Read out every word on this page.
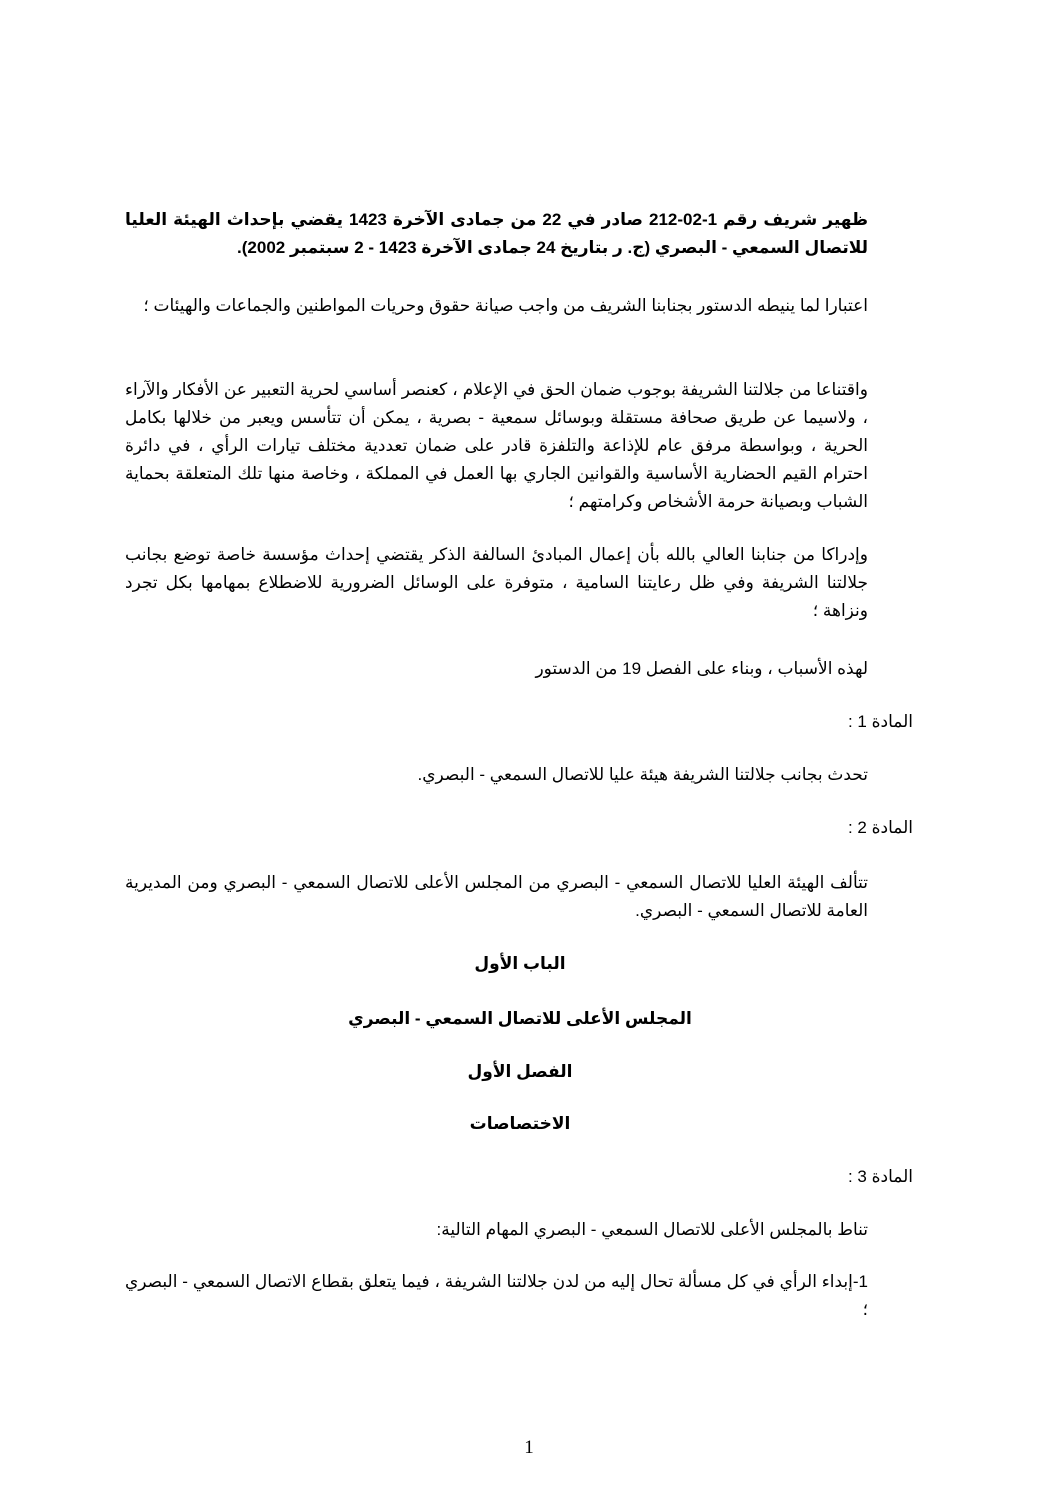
ظهير شريف رقم 1-02-212 صادر في 22 من جمادى الآخرة 1423 يقضي بإحداث الهيئة العليا للاتصال السمعي - البصري (ج. ر بتاريخ 24 جمادى الآخرة 1423 - 2 سبتمبر 2002).

اعتبارا لما ينيطه الدستور بجنابنا الشريف من واجب صيانة حقوق وحريات المواطنين والجماعات والهيئات ؛

واقتناعا من جلالتنا الشريفة بوجوب ضمان الحق في الإعلام ، كعنصر أساسي لحرية التعبير عن الأفكار والآراء ، ولاسيما عن طريق صحافة مستقلة وبوسائل سمعية - بصرية ، يمكن أن تتأسس ويعبر من خلالها بكامل الحرية ، وبواسطة مرفق عام للإذاعة والتلفزة قادر على ضمان تعددية مختلف تيارات الرأي ، في دائرة احترام القيم الحضارية الأساسية والقوانين الجاري بها العمل في المملكة ، وخاصة منها تلك المتعلقة بحماية الشباب وبصيانة حرمة الأشخاص وكرامتهم ؛

وإدراكا من جنابنا العالي بالله بأن إعمال المبادئ السالفة الذكر يقتضي إحداث مؤسسة خاصة توضع بجانب جلالتنا الشريفة وفي ظل رعايتنا السامية ، متوفرة على الوسائل الضرورية للاضطلاع بمهامها بكل تجرد ونزاهة ؛

لهذه الأسباب ، وبناء على الفصل 19 من الدستور

المادة 1 :

تحدث بجانب جلالتنا الشريفة هيئة عليا للاتصال السمعي - البصري.

المادة 2 :

تتألف الهيئة العليا للاتصال السمعي - البصري من المجلس الأعلى للاتصال السمعي - البصري ومن المديرية العامة للاتصال السمعي - البصري.

الباب الأول

المجلس الأعلى للاتصال السمعي - البصري

الفصل الأول

الاختصاصات

المادة 3 :

تناط بالمجلس الأعلى للاتصال السمعي - البصري المهام التالية:

1-إبداء الرأي في كل مسألة تحال إليه من لدن جلالتنا الشريفة ، فيما يتعلق بقطاع الاتصال السمعي - البصري ؛

1
